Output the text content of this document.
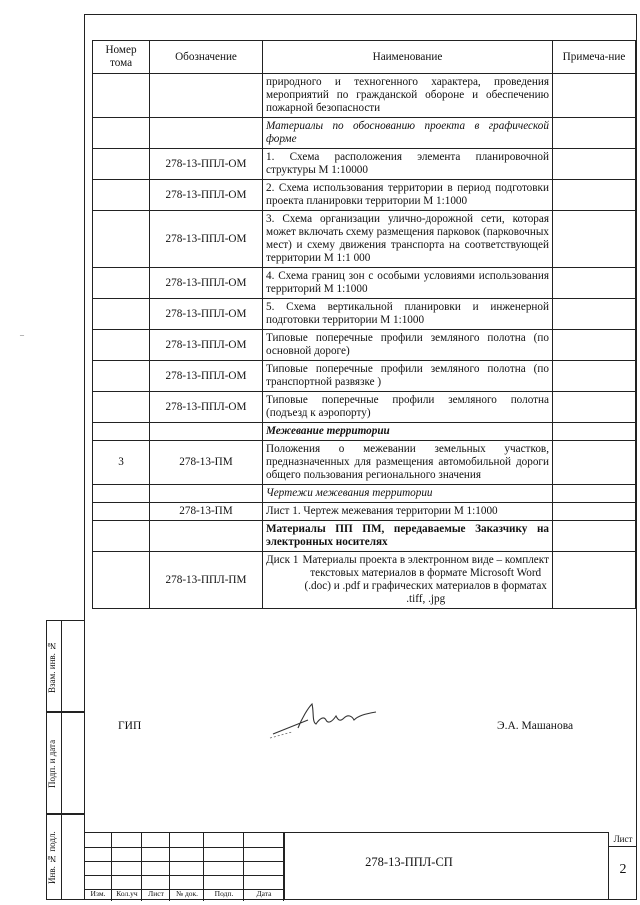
Номер тома	Обозначение	Наименование	Примеча-ние
		природного и техногенного характера, проведения мероприятий по гражданской обороне и обеспечению пожарной безопасности	
		Материалы по обоснованию проекта в графической форме	
	278-13-ППЛ-ОМ	1. Схема расположения элемента планировочной структуры М 1:10000	
	278-13-ППЛ-ОМ	2. Схема использования территории в период подготовки проекта планировки территории М 1:1000	
	278-13-ППЛ-ОМ	3. Схема организации улично-дорожной сети, которая может включать схему размещения парковок (парковочных мест) и схему движения транспорта на соответствующей территории М 1:1 000	
	278-13-ППЛ-ОМ	4. Схема границ зон с особыми условиями использования территорий М 1:1000	
	278-13-ППЛ-ОМ	5. Схема вертикальной планировки и инженерной подготовки территории М 1:1000	
	278-13-ППЛ-ОМ	Типовые поперечные профили земляного полотна (по основной дороге)	
	278-13-ППЛ-ОМ	Типовые поперечные профили земляного полотна (по транспортной развязке )	
	278-13-ППЛ-ОМ	Типовые поперечные профили земляного полотна (подъезд к аэропорту)	
		Межевание территории	
3	278-13-ПМ	Положения о межевании земельных участков, предназначенных для размещения автомобильной дороги общего пользования регионального значения	
		Чертежи межевания территории	
	278-13-ПМ	Лист 1. Чертеж межевания территории М 1:1000	
		Материалы ПП ПМ, передаваемые Заказчику на электронных носителях	
	278-13-ППЛ-ПМ	Диск 1 Материалы проекта в электронном виде – комплект текстовых материалов в формате Microsoft Word (.doc) и .pdf и графических материалов в форматах .tiff, .jpg	

ГИП	Э.А. Машанова
–
Взам. инв. №
Подп. и дата
Инв. № подл.
Изм.	Кол.уч	Лист	№ док.	Подп.	Дата
278-13-ППЛ-СП
Лист
2
